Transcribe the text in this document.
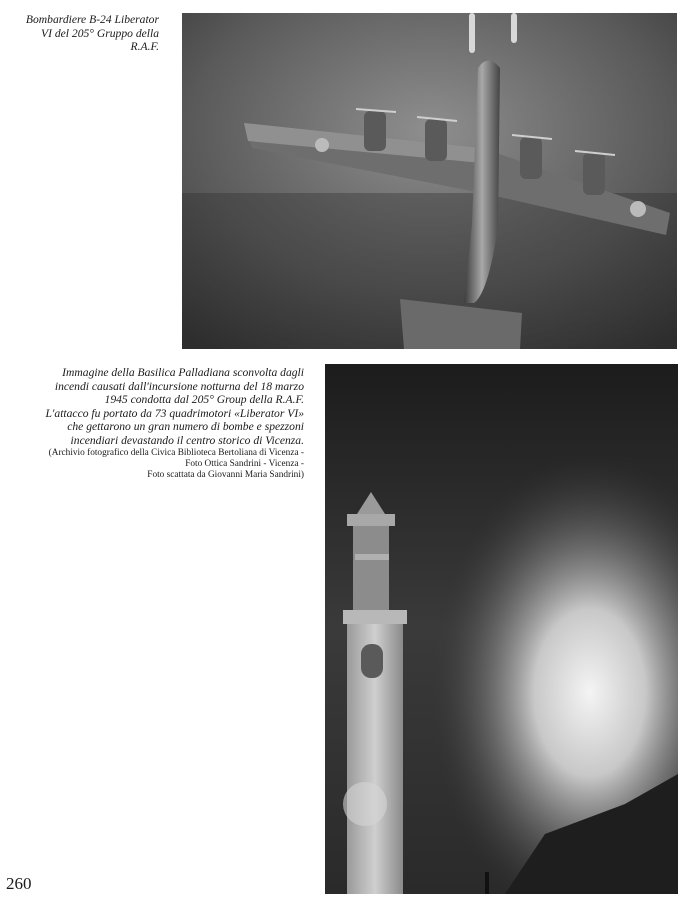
Bombardiere B-24 Liberator
VI del 205° Gruppo della
R.A.F.
Immagine della Basilica Palladiana sconvolta dagli
incendi causati dall'incursione notturna del 18 marzo
1945 condotta dal 205° Group della R.A.F.
L'attacco fu portato da 73 quadrimotori «Liberator VI»
che gettarono un gran numero di bombe e spezzoni
incendiari devastando il centro storico di Vicenza.
(Archivio fotografico della Civica Biblioteca Bertoliana di Vicenza -
Foto Ottica Sandrini - Vicenza -
Foto scattata da Giovanni Maria Sandrini)
260
